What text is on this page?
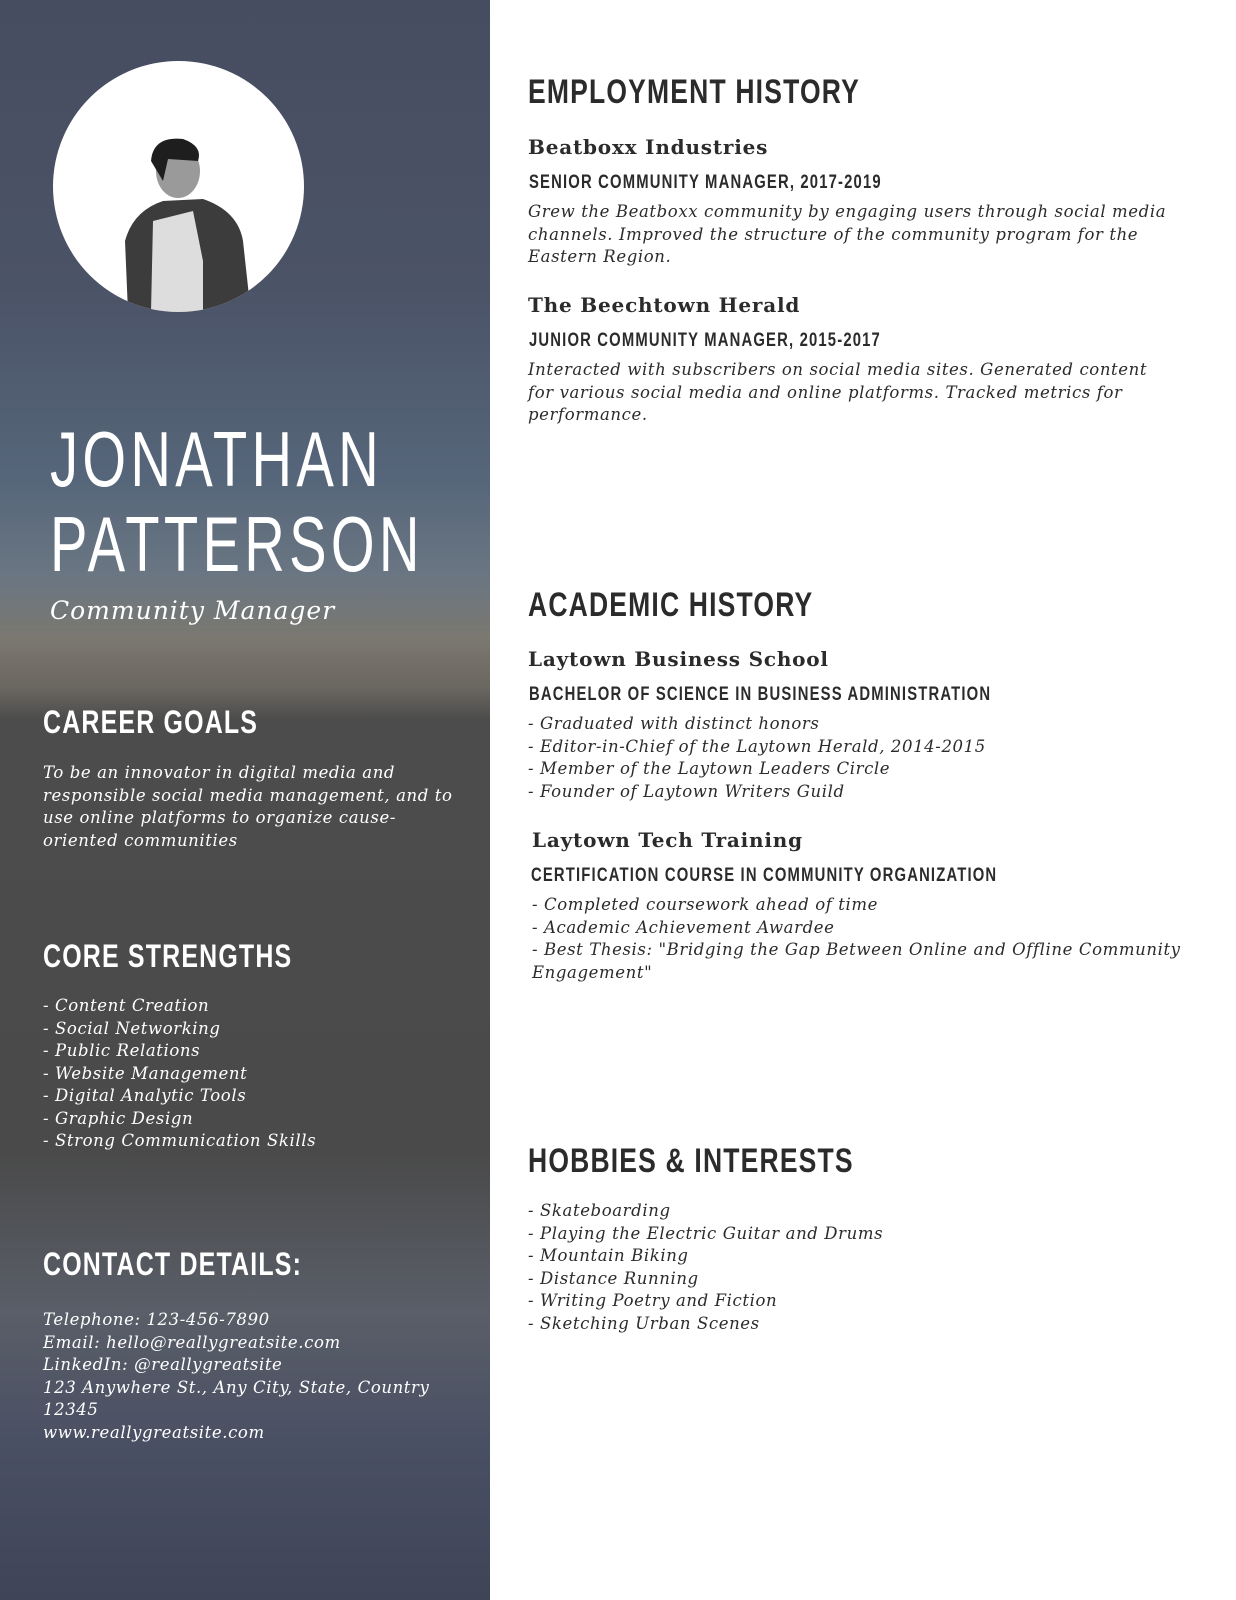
JONATHAN
PATTERSON
Community Manager
CAREER GOALS
To be an innovator in digital media and responsible social media management, and to use online platforms to organize cause-oriented communities
CORE STRENGTHS
- Content Creation
- Social Networking
- Public Relations
- Website Management
- Digital Analytic Tools
- Graphic Design
- Strong Communication Skills
CONTACT DETAILS:
Telephone: 123-456-7890
Email: hello@reallygreatsite.com
LinkedIn: @reallygreatsite
123 Anywhere St., Any City, State, Country 12345
www.reallygreatsite.com
EMPLOYMENT HISTORY
Beatboxx Industries
SENIOR COMMUNITY MANAGER, 2017-2019
Grew the Beatboxx community by engaging users through social media channels. Improved the structure of the community program for the Eastern Region.
The Beechtown Herald
JUNIOR COMMUNITY MANAGER, 2015-2017
Interacted with subscribers on social media sites. Generated content for various social media and online platforms. Tracked metrics for performance.
ACADEMIC HISTORY
Laytown Business School
BACHELOR OF SCIENCE IN BUSINESS ADMINISTRATION
- Graduated with distinct honors
- Editor-in-Chief of the Laytown Herald, 2014-2015
- Member of the Laytown Leaders Circle
- Founder of Laytown Writers Guild
Laytown Tech Training
CERTIFICATION COURSE IN COMMUNITY ORGANIZATION
- Completed coursework ahead of time
- Academic Achievement Awardee
- Best Thesis: "Bridging the Gap Between Online and Offline Community Engagement"
HOBBIES & INTERESTS
- Skateboarding
- Playing the Electric Guitar and Drums
- Mountain Biking
- Distance Running
- Writing Poetry and Fiction
- Sketching Urban Scenes
